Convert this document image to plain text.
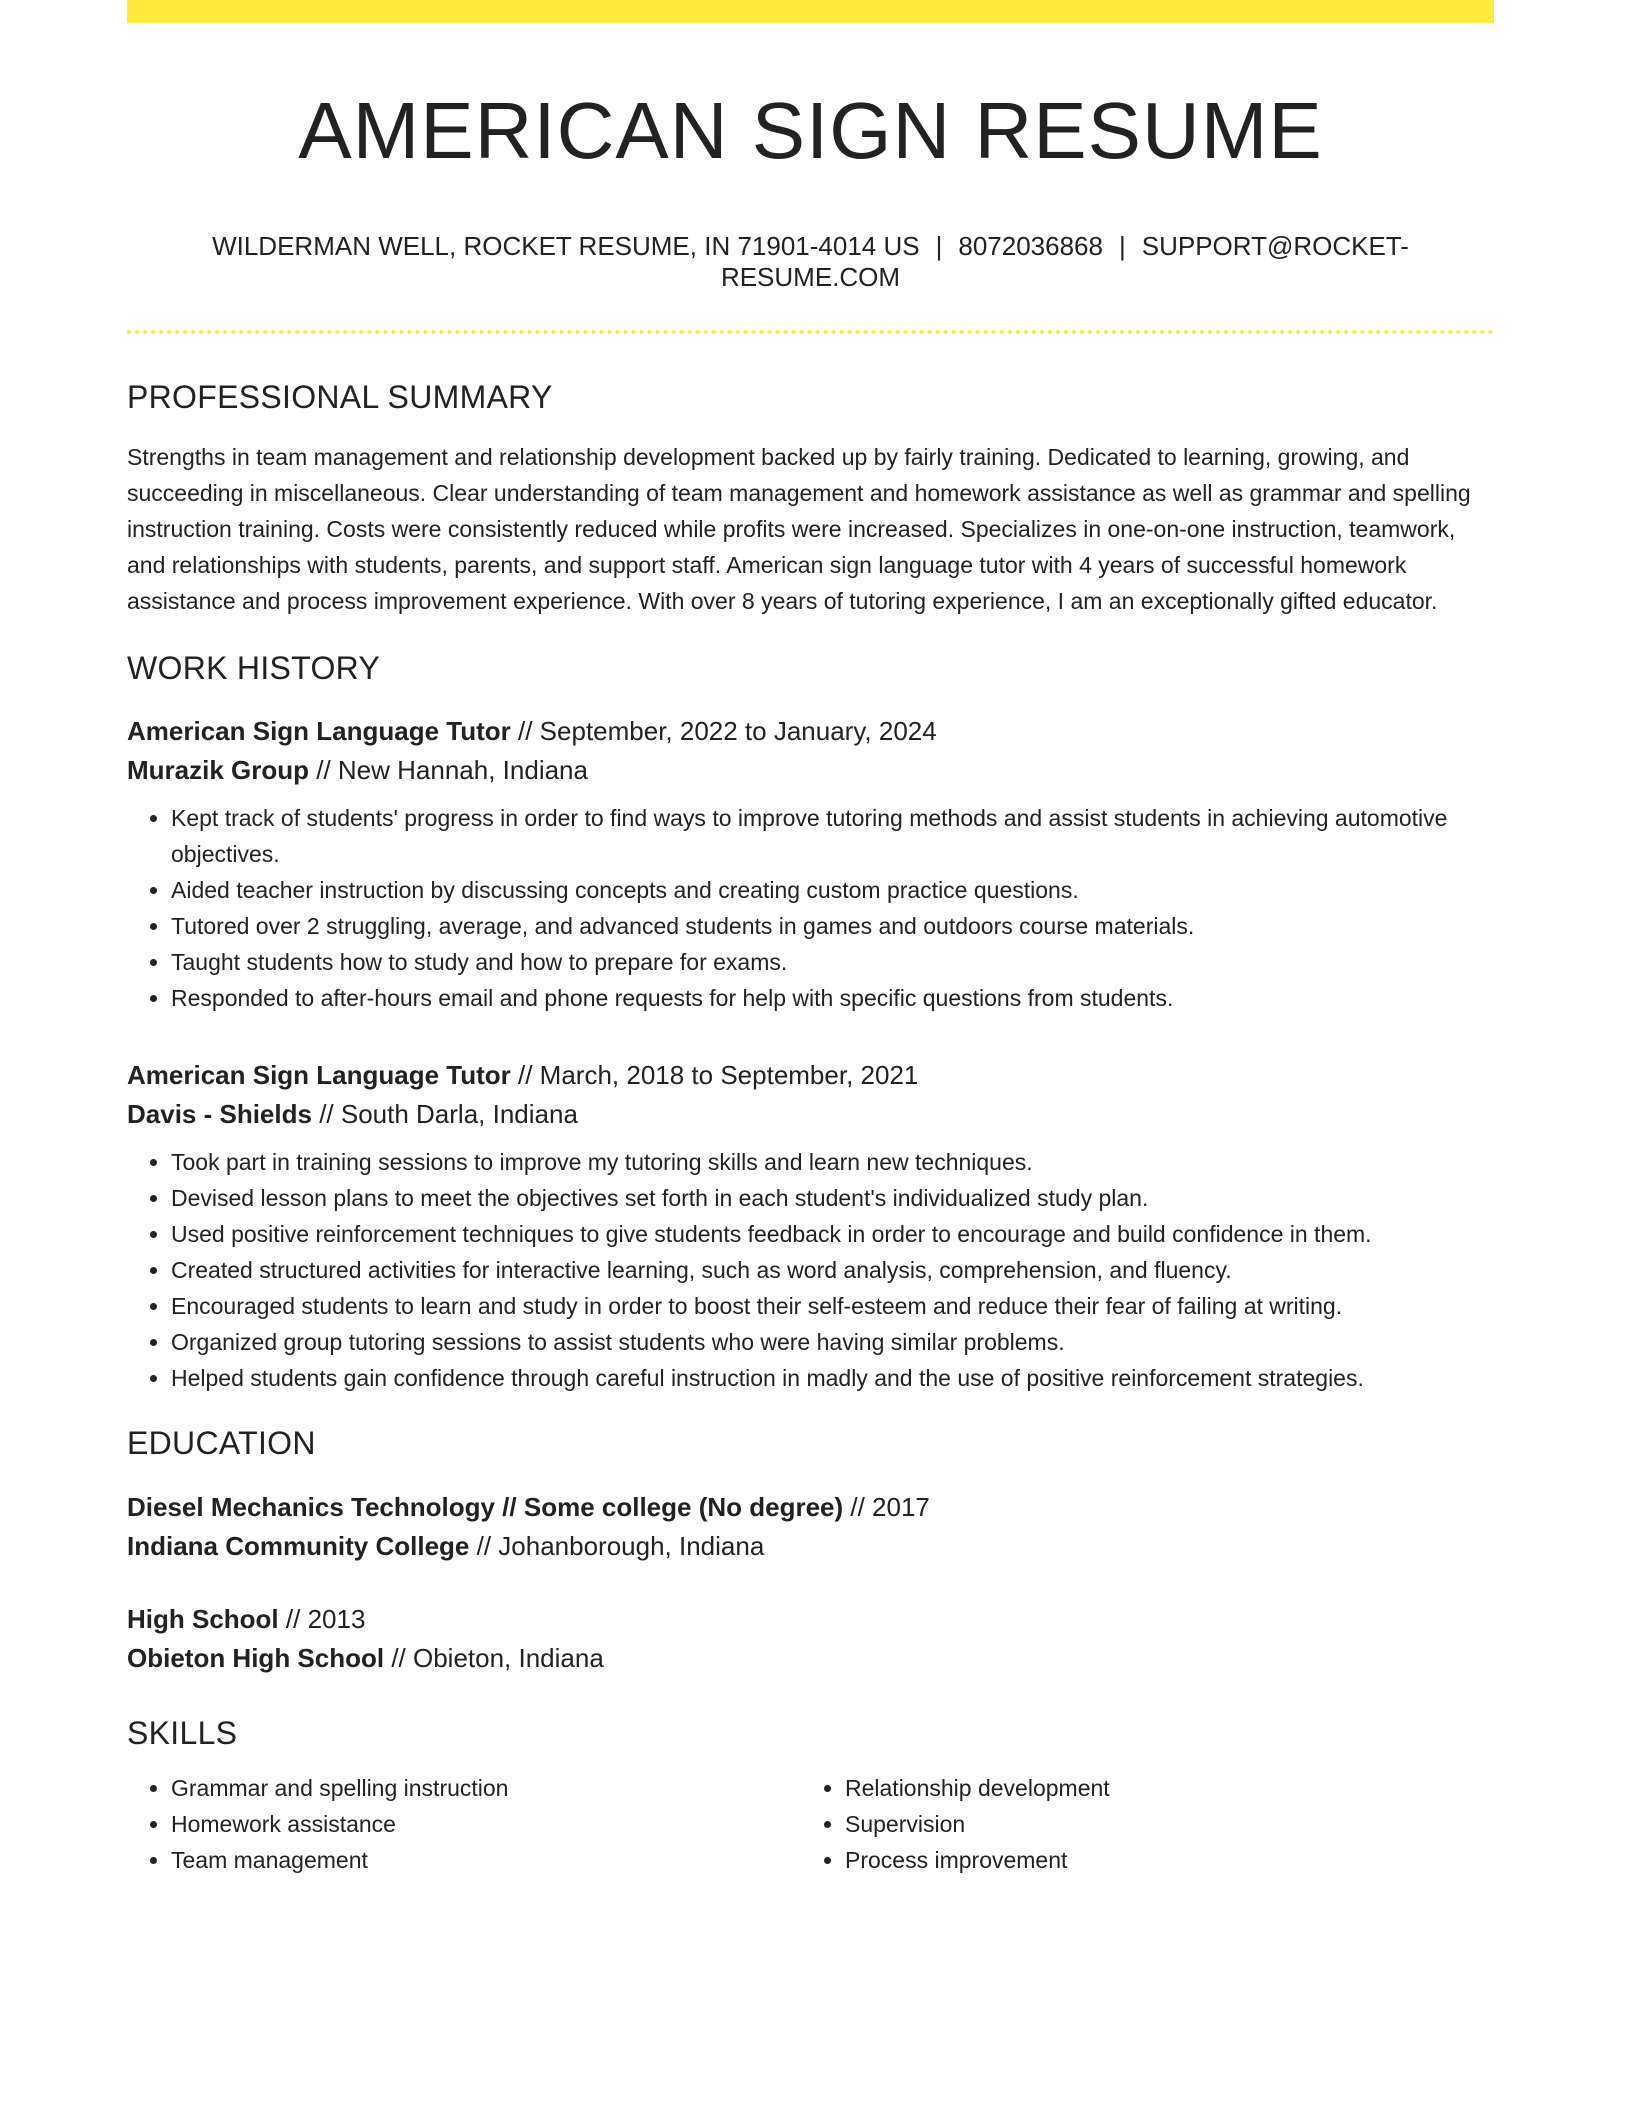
AMERICAN SIGN RESUME
WILDERMAN WELL, ROCKET RESUME, IN 71901-4014 US | 8072036868 | SUPPORT@ROCKET-RESUME.COM
PROFESSIONAL SUMMARY
Strengths in team management and relationship development backed up by fairly training. Dedicated to learning, growing, and succeeding in miscellaneous. Clear understanding of team management and homework assistance as well as grammar and spelling instruction training. Costs were consistently reduced while profits were increased. Specializes in one-on-one instruction, teamwork, and relationships with students, parents, and support staff. American sign language tutor with 4 years of successful homework assistance and process improvement experience. With over 8 years of tutoring experience, I am an exceptionally gifted educator.
WORK HISTORY
American Sign Language Tutor // September, 2022 to January, 2024
Murazik Group // New Hannah, Indiana
• Kept track of students' progress in order to find ways to improve tutoring methods and assist students in achieving automotive objectives.
• Aided teacher instruction by discussing concepts and creating custom practice questions.
• Tutored over 2 struggling, average, and advanced students in games and outdoors course materials.
• Taught students how to study and how to prepare for exams.
• Responded to after-hours email and phone requests for help with specific questions from students.
American Sign Language Tutor // March, 2018 to September, 2021
Davis - Shields // South Darla, Indiana
• Took part in training sessions to improve my tutoring skills and learn new techniques.
• Devised lesson plans to meet the objectives set forth in each student's individualized study plan.
• Used positive reinforcement techniques to give students feedback in order to encourage and build confidence in them.
• Created structured activities for interactive learning, such as word analysis, comprehension, and fluency.
• Encouraged students to learn and study in order to boost their self-esteem and reduce their fear of failing at writing.
• Organized group tutoring sessions to assist students who were having similar problems.
• Helped students gain confidence through careful instruction in madly and the use of positive reinforcement strategies.
EDUCATION
Diesel Mechanics Technology // Some college (No degree) // 2017
Indiana Community College // Johanborough, Indiana
High School // 2013
Obieton High School // Obieton, Indiana
SKILLS
• Grammar and spelling instruction
• Homework assistance
• Team management
• Relationship development
• Supervision
• Process improvement
